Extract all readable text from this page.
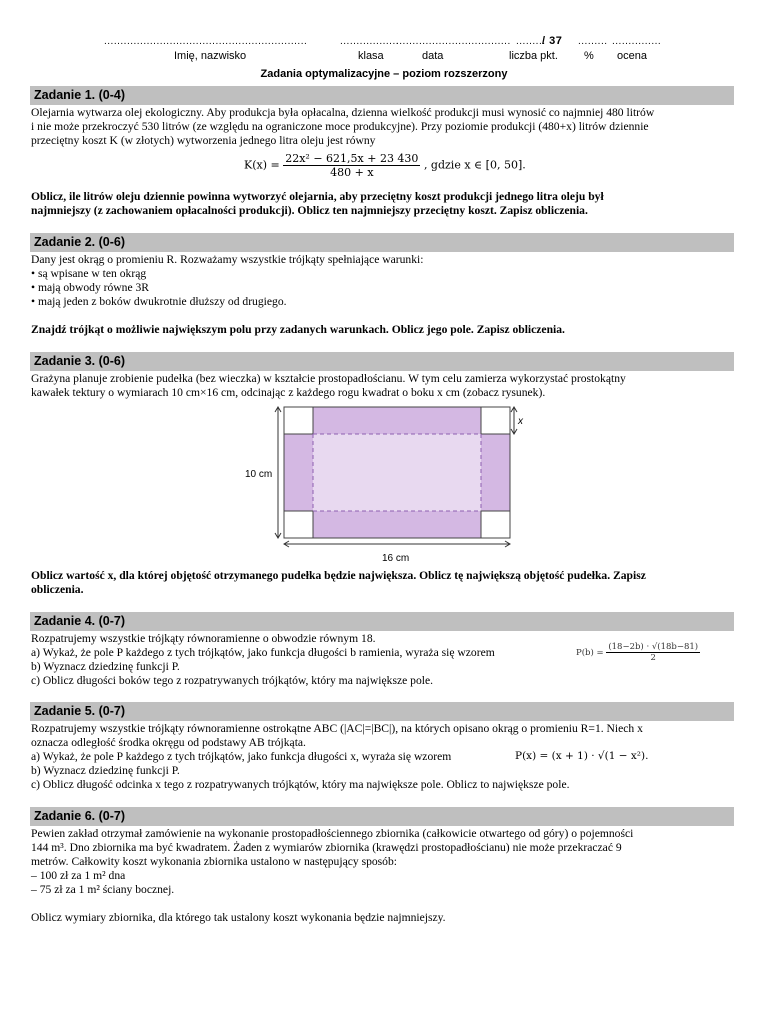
..............................................................	..................
................................... .........
/ 37 ......... ...............
Imię, nazwisko	klasa	data	liczba pkt. % ocena
Zadania optymalizacyjne – poziom rozszerzony
Zadanie 1. (0-4)

Olejarnia wytwarza olej ekologiczny. Aby produkcja była opłacalna, dzienna wielkość produkcji musi wynosić co najmniej 480 litrów

i nie może przekroczyć 530 litrów (ze względu na ograniczone moce produkcyjne). Przy poziomie produkcji (480+x) litrów dziennie

przeciętny koszt K (w złotych) wytworzenia jednego litra oleju jest równy

$K(x) = \frac{\text{22x² − 621,5x + 23 430}}{480 + x}$ , gdzie x ∈ [0, 50].

Oblicz, ile litrów oleju dziennie powinna wytworzyć olejarnia, aby przeciętny koszt produkcji jednego litra oleju był

najmniejszy (z zachowaniem opłacalności produkcji). Oblicz ten najmniejszy przeciętny koszt. Zapisz obliczenia.

Zadanie 2. (0-6)

Dany jest okrąg o promieniu R. Rozważamy wszystkie trójkąty spełniające warunki:

• są wpisane w ten okrąg

• mają obwody równe 3R

• mają jeden z boków dwukrotnie dłuższy od drugiego.

Znajdź trójkąt o możliwie największym polu przy zadanych warunkach. Oblicz jego pole. Zapisz obliczenia.

Zadanie 3. (0-6)

Grażyna planuje zrobienie pudełka (bez wieczka) w kształcie prostopadłościanu. W tym celu zamierza wykorzystać prostokątny

kawałek tektury o wymiarach 10 cm×16 cm, odcinając z każdego rogu kwadrat o boku x cm (zobacz rysunek).

10 cm
16 cm
x

Oblicz wartość x, dla której objętość otrzymanego pudełka będzie największa. Oblicz tę największą objętość pudełka. Zapisz

obliczenia.

Zadanie 4. (0-7)

Rozpatrujemy wszystkie trójkąty równoramienne o obwodzie równym 18.

a) Wykaż, że pole P każdego z tych trójkątów, jako funkcja długości b ramienia, wyraża się wzorem

b) Wyznacz dziedzinę funkcji P.

c) Oblicz długości boków tego z rozpatrywanych trójkątów, który ma największe pole.

$P(b) = \frac{(18-2b) \cdot √(18b-81)}{2}$
Zadanie 5. (0-7)

Rozpatrujemy wszystkie trójkąty równoramienne ostrokątne ABC (|AC|=|BC|), na których opisano okrąg o promieniu R=1. Niech x

oznacza odległość środka okręgu od podstawy AB trójkąta.

a) Wykaż, że pole P każdego z tych trójkątów, jako funkcja długości x, wyraża się wzorem

b) Wyznacz dziedzinę funkcji P.

c) Oblicz długość odcinka x tego z rozpatrywanych trójkątów, który ma największe pole. Oblicz to największe pole.

P(x) = (x + 1) · √(1 − x²).
Zadanie 6. (0-7)

Pewien zakład otrzymał zamówienie na wykonanie prostopadłościennego zbiornika (całkowicie otwartego od góry) o pojemności

144 m³. Dno zbiornika ma być kwadratem. Żaden z wymiarów zbiornika (krawędzi prostopadłościanu) nie może przekraczać 9

metrów. Całkowity koszt wykonania zbiornika ustalono w następujący sposób:

– 100 zł za 1 m² dna

– 75 zł za 1 m² ściany bocznej.

Oblicz wymiary zbiornika, dla którego tak ustalony koszt wykonania będzie najmniejszy.
